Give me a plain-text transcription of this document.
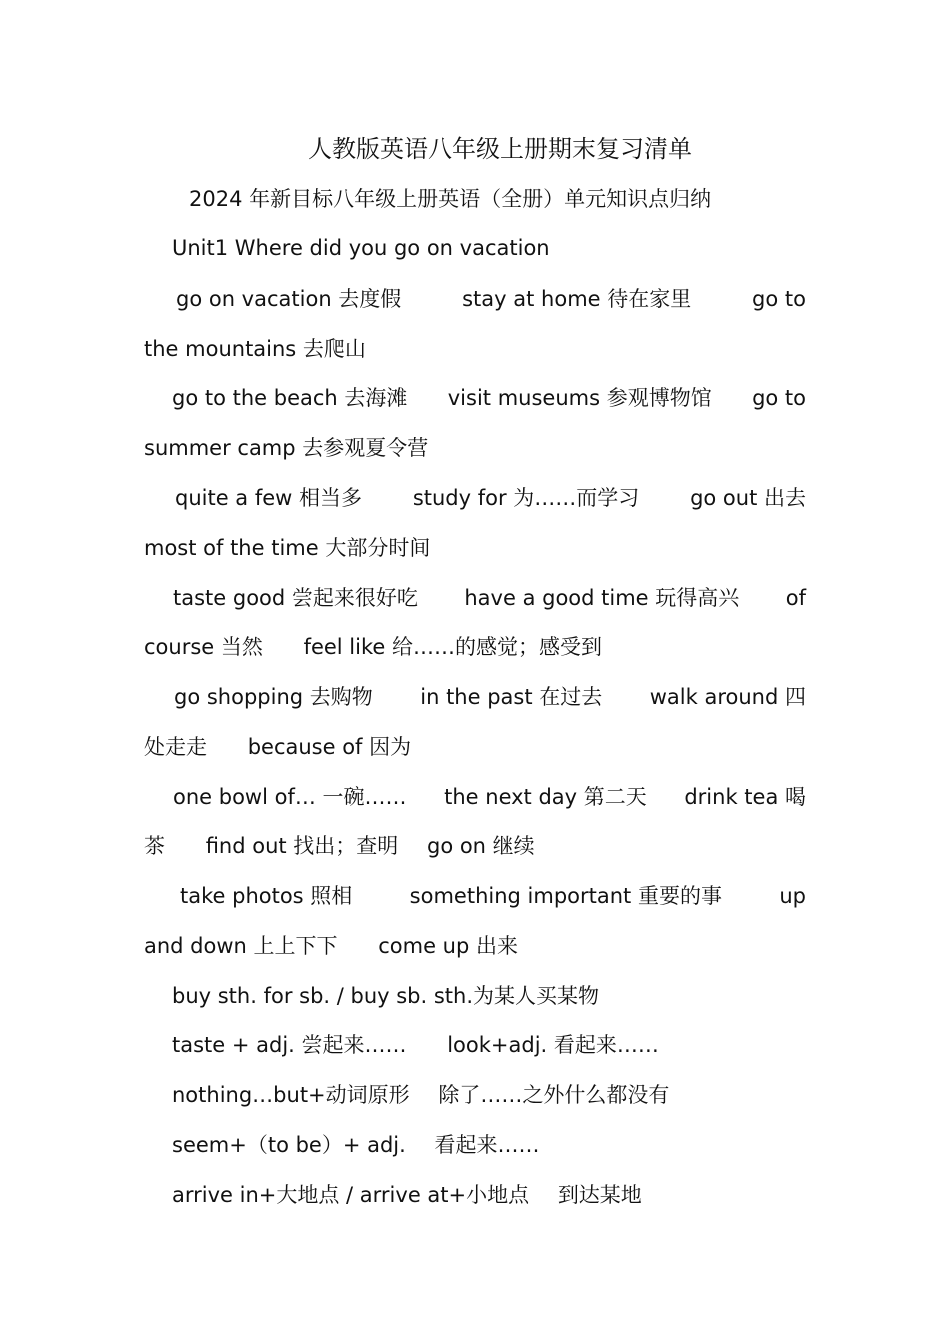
人教版英语八年级上册期末复习清单
2024 年新目标八年级上册英语（全册）单元知识点归纳
Unit1 Where did you go on vacation
go on vacation 去度假	stay at home 待在家里	go to
the mountains 去爬山
go to the beach 去海滩 visit museums 参观博物馆 go to
summer camp 去参观夏令营
quite a few 相当多 study for 为……而学习 go out 出去
most of the time 大部分时间
taste good 尝起来很好吃 have a good time 玩得高兴 of
course 当然 feel like 给……的感觉；感受到
go shopping 去购物 in the past 在过去 walk around 四
处走走 because of 因为
one bowl of… 一碗…… the next day 第二天 drink tea 喝
茶 find out 找出；查明 go on 继续
take photos 照相	something important 重要的事	up
and down 上上下下 come up 出来
buy sth. for sb. / buy sb. sth.为某人买某物
taste + adj. 尝起来…… look+adj. 看起来……
nothing…but+动词原形 除了……之外什么都没有
seem+（to be）+ adj. 看起来……
arrive in+大地点 / arrive at+小地点 到达某地
